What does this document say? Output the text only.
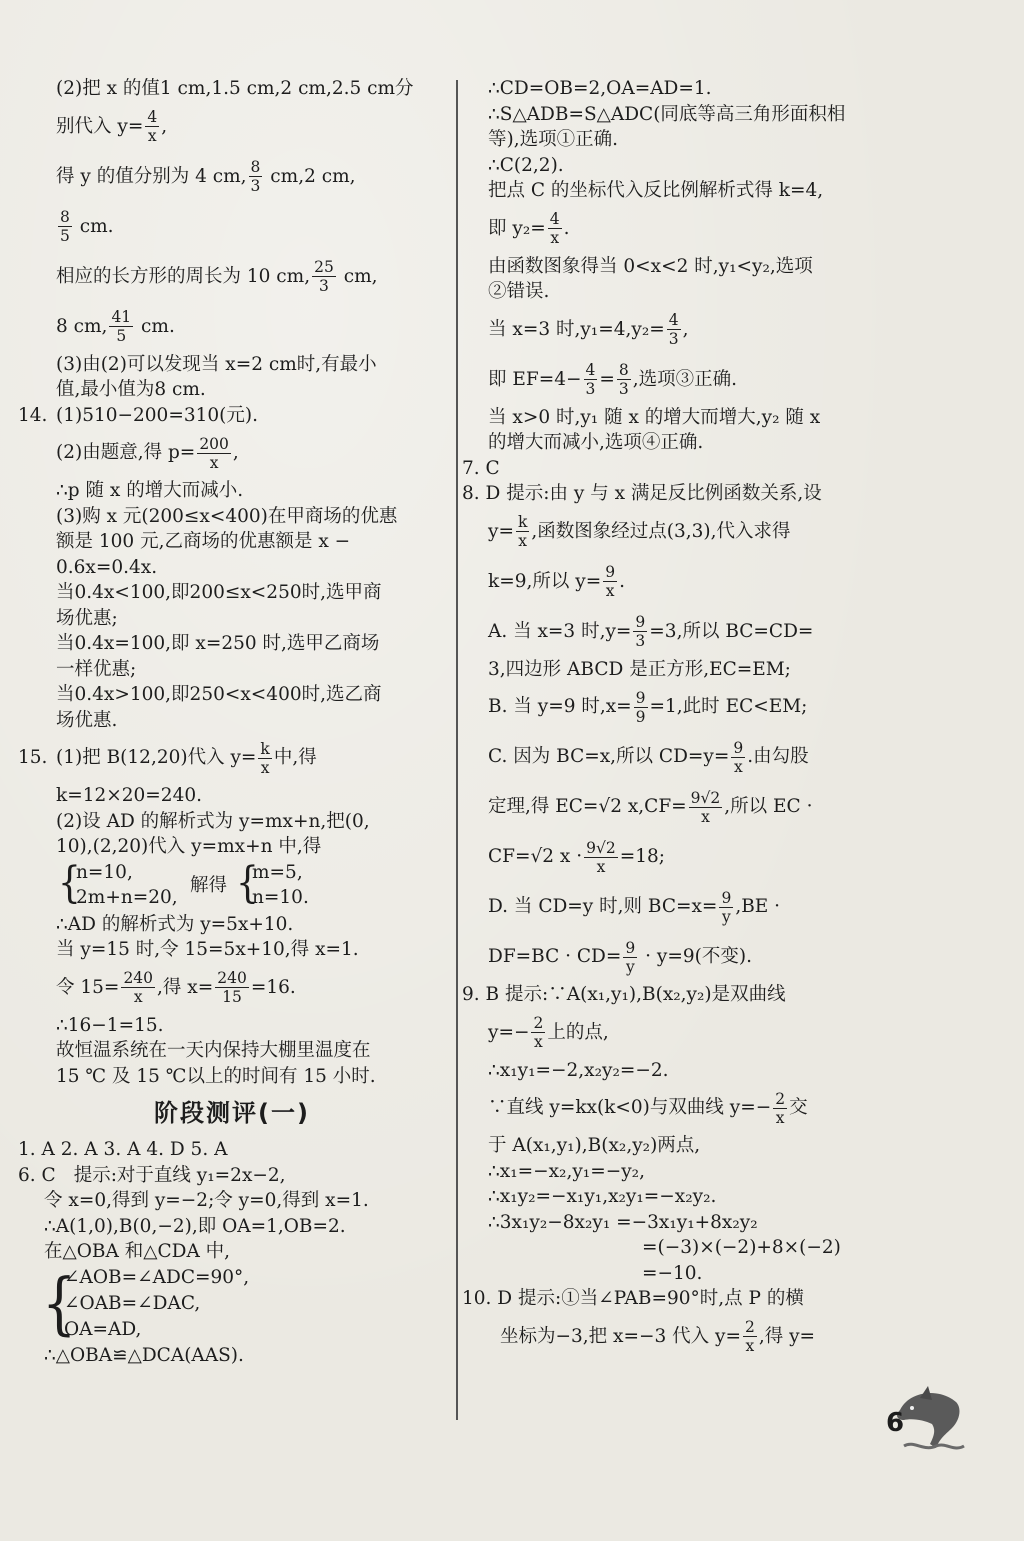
(2)把 x 的值1 cm,1.5 cm,2 cm,2.5 cm分
别代入 $y= \frac{4}{x}$ ,
得 y 的值分别为 4 cm, $\frac{8}{3} cm,2$ cm,
$\frac{8}{5}$ cm.
相应的长方形的周长为 10 cm, $\frac{25}{3}$ cm,
8 cm, $\frac{41}{5}$ cm.
(3)由(2)可以发现当 x=2 cm时,有最小
值,最小值为8 cm.
14. (1)510−200=310(元).
(2)由题意,得 $p= \frac{200}{x}$ ,
∴p 随 x 的增大而减小.
(3)购 x 元(200≤x<400)在甲商场的优惠
额是 100 元,乙商场的优惠额是 x −
0.6x=0.4x.
当0.4x<100,即200≤x<250时,选甲商
场优惠;
当0.4x=100,即 x=250 时,选甲乙商场
一样优惠;
当0.4x>100,即250<x<400时,选乙商
场优惠.
15. (1)把 B(12,20)代入 $y= \frac{k}{x}$ 中,得
k=12×20=240.
(2)设 AD 的解析式为 y=mx+n,把(0,
10),(2,20)代入 y=mx+n 中,得
{
n=10,
2m+n=20,
解得 {
m=5,
n=10.
∴AD 的解析式为 y=5x+10.
当 y=15 时,令 15=5x+10,得 x=1.
令 $15= \frac{240}{x}$ ,得 $x= \frac{240}{15} =16$.
∴16−1=15.
故恒温系统在一天内保持大棚里温度在
15 ℃ 及 15 ℃以上的时间有 15 小时.
阶段测评(一)
1. A 2. A 3. A 4. D 5. A
6. C 提示:对于直线 y₁=2x−2,
令 x=0,得到 y=−2;令 y=0,得到 x=1.
∴A(1,0),B(0,−2),即 OA=1,OB=2.
在△OBA 和△CDA 中,
{
∠AOB=∠ADC=90°,
∠OAB=∠DAC,
OA=AD,
∴△OBA≌△DCA(AAS).
∴CD=OB=2,OA=AD=1.
∴S△ADB=S△ADC(同底等高三角形面积相
等),选项①正确.
∴C(2,2).
把点 C 的坐标代入反比例解析式得 k=4,
即 $y_2= \frac{4}{x}$ .
由函数图象得当 0<x<2 时,y₁<y₂,选项
②错误.
当 x=3 时$,y_1=4,y_2= \frac{4}{3}$ ,
即 $EF=4- \frac{4}{3} = \frac{8}{3}$ ,选项③正确.
当 x>0 时,y₁ 随 x 的增大而增大,y₂ 随 x
的增大而减小,选项④正确.
7. C
8. D 提示:由 y 与 x 满足反比例函数关系,设
$y= \frac{k}{x}$ ,函数图象经过点(3,3),代入求得
k=9,所以 $y= \frac{9}{x}$ .
A. 当 x=3 时$,y= \frac{9}{3} =3$,所以 BC=CD=
3,四边形 ABCD 是正方形,EC=EM;
B. 当 y=9 时$,x= \frac{9}{9} =1$,此时 EC<EM;
C. 因为 BC=x,所以 $CD=y= \frac{9}{x}$ .由勾股
定理,得 EC=√2 $x,CF= \frac{9√2}{x}$ ,所以 EC ·
CF=√2 $x \cdot \frac{9√2}{x} =18$;
D. 当 CD=y 时,则 $BC=x= \frac{9}{y} ,BE$ ·
$DF=BC \cdot CD= \frac{9}{y} \cdot y=9$(不变).
9. B 提示:∵A(x₁,y₁),B(x₂,y₂)是双曲线
$y=- \frac{2}{x}$ 上的点,
∴x₁y₁=−2,x₂y₂=−2.
∵直线 y=kx(k<0)与双曲线 $y=- \frac{2}{x}$ 交
于 A(x₁,y₁),B(x₂,y₂)两点,
∴x₁=−x₂,y₁=−y₂,
∴x₁y₂=−x₁y₁,x₂y₁=−x₂y₂.
∴3x₁y₂−8x₂y₁ =−3x₁y₁+8x₂y₂
=(−3)×(−2)+8×(−2)
=−10.
10. D 提示:①当∠PAB=90°时,点 P 的横
坐标为−3,把 x=−3 代入 $y= \frac{2}{x}$ ,得 y=
6
